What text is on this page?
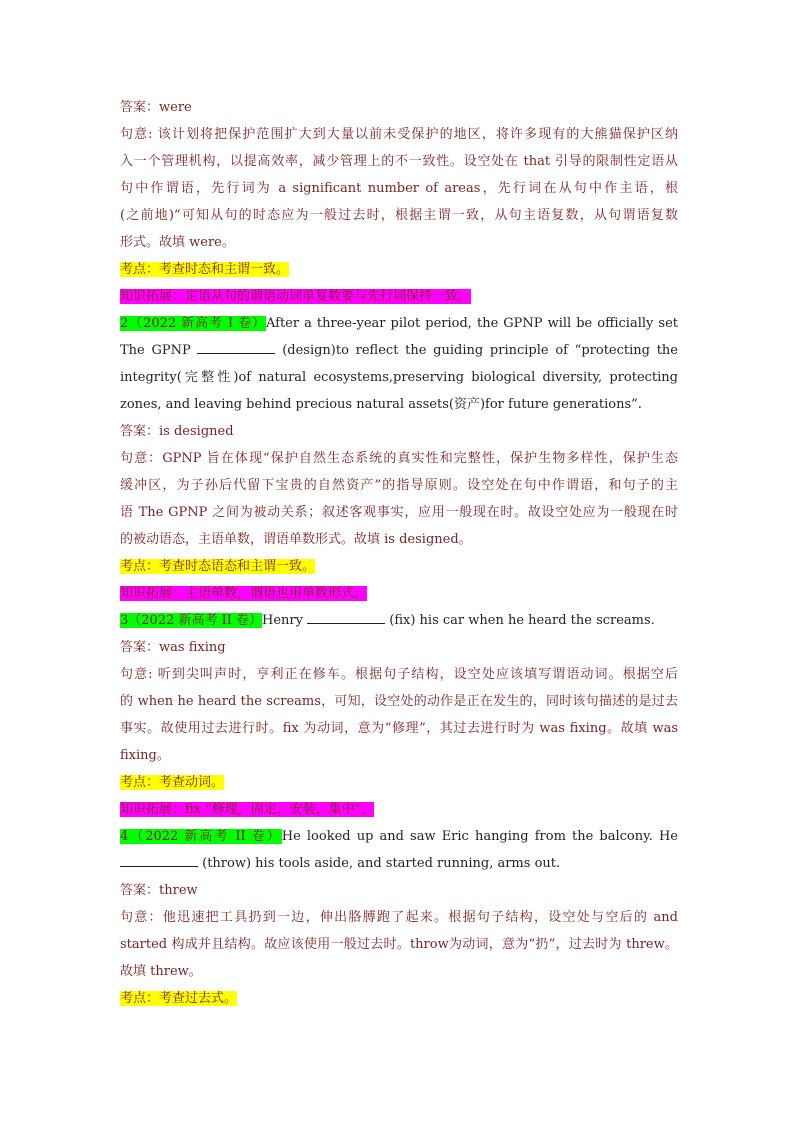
答案：were
句意: 该计划将把保护范围扩大到大量以前未受保护的地区，将许多现有的大熊猫保护区纳
入一个管理机构，以提高效率，减少管理上的不一致性。设空处在 that 引导的限制性定语从
句中作谓语，先行词为 a significant number of areas，先行词在从句中作主语，根
(之前地)”可知从句的时态应为一般过去时，根据主谓一致，从句主语复数，从句谓语复数
形式。故填 were。
考点：考查时态和主谓一致。
知识拓展：定语从句的谓语动词单复数要与先行词保持一致。
2（2022 新高考 I 卷）After a three-year pilot period, the GPNP will be officially set
The GPNP	(design)to reflect the guiding principle of “protecting the
integrity(完整性)of natural ecosystems,preserving biological diversity, protecting
zones, and leaving behind precious natural assets(资产)for future generations”.
答案：is designed
句意：GPNP 旨在体现“保护自然生态系统的真实性和完整性，保护生物多样性，保护生态
缓冲区，为子孙后代留下宝贵的自然资产”的指导原则。设空处在句中作谓语，和句子的主
语 The GPNP 之间为被动关系；叙述客观事实，应用一般现在时。故设空处应为一般现在时
的被动语态，主语单数，谓语单数形式。故填 is designed。
考点：考查时态语态和主谓一致。
知识拓展：主语单数，谓语也用单数形式。
3（2022 新高考 II 卷）Henry	(fix) his car when he heard the screams.
答案：was fixing
句意: 听到尖叫声时，亨利正在修车。根据句子结构，设空处应该填写谓语动词。根据空后
的 when he heard the screams，可知，设空处的动作是正在发生的，同时该句描述的是过去
事实。故使用过去进行时。fix 为动词，意为“修理”，其过去进行时为 was fixing。故填 was
fixing。
考点：考查动词。
知识拓展：fix “修理，固定，安装，集中”。
4（2022 新高考 II 卷）He looked up and saw Eric hanging from the balcony. He
(throw) his tools aside, and started running, arms out.
答案：threw
句意：他迅速把工具扔到一边，伸出胳膊跑了起来。根据句子结构，设空处与空后的 and
started 构成并且结构。故应该使用一般过去时。throw为动词，意为“扔”，过去时为 threw。
故填 threw。
考点：考查过去式。
